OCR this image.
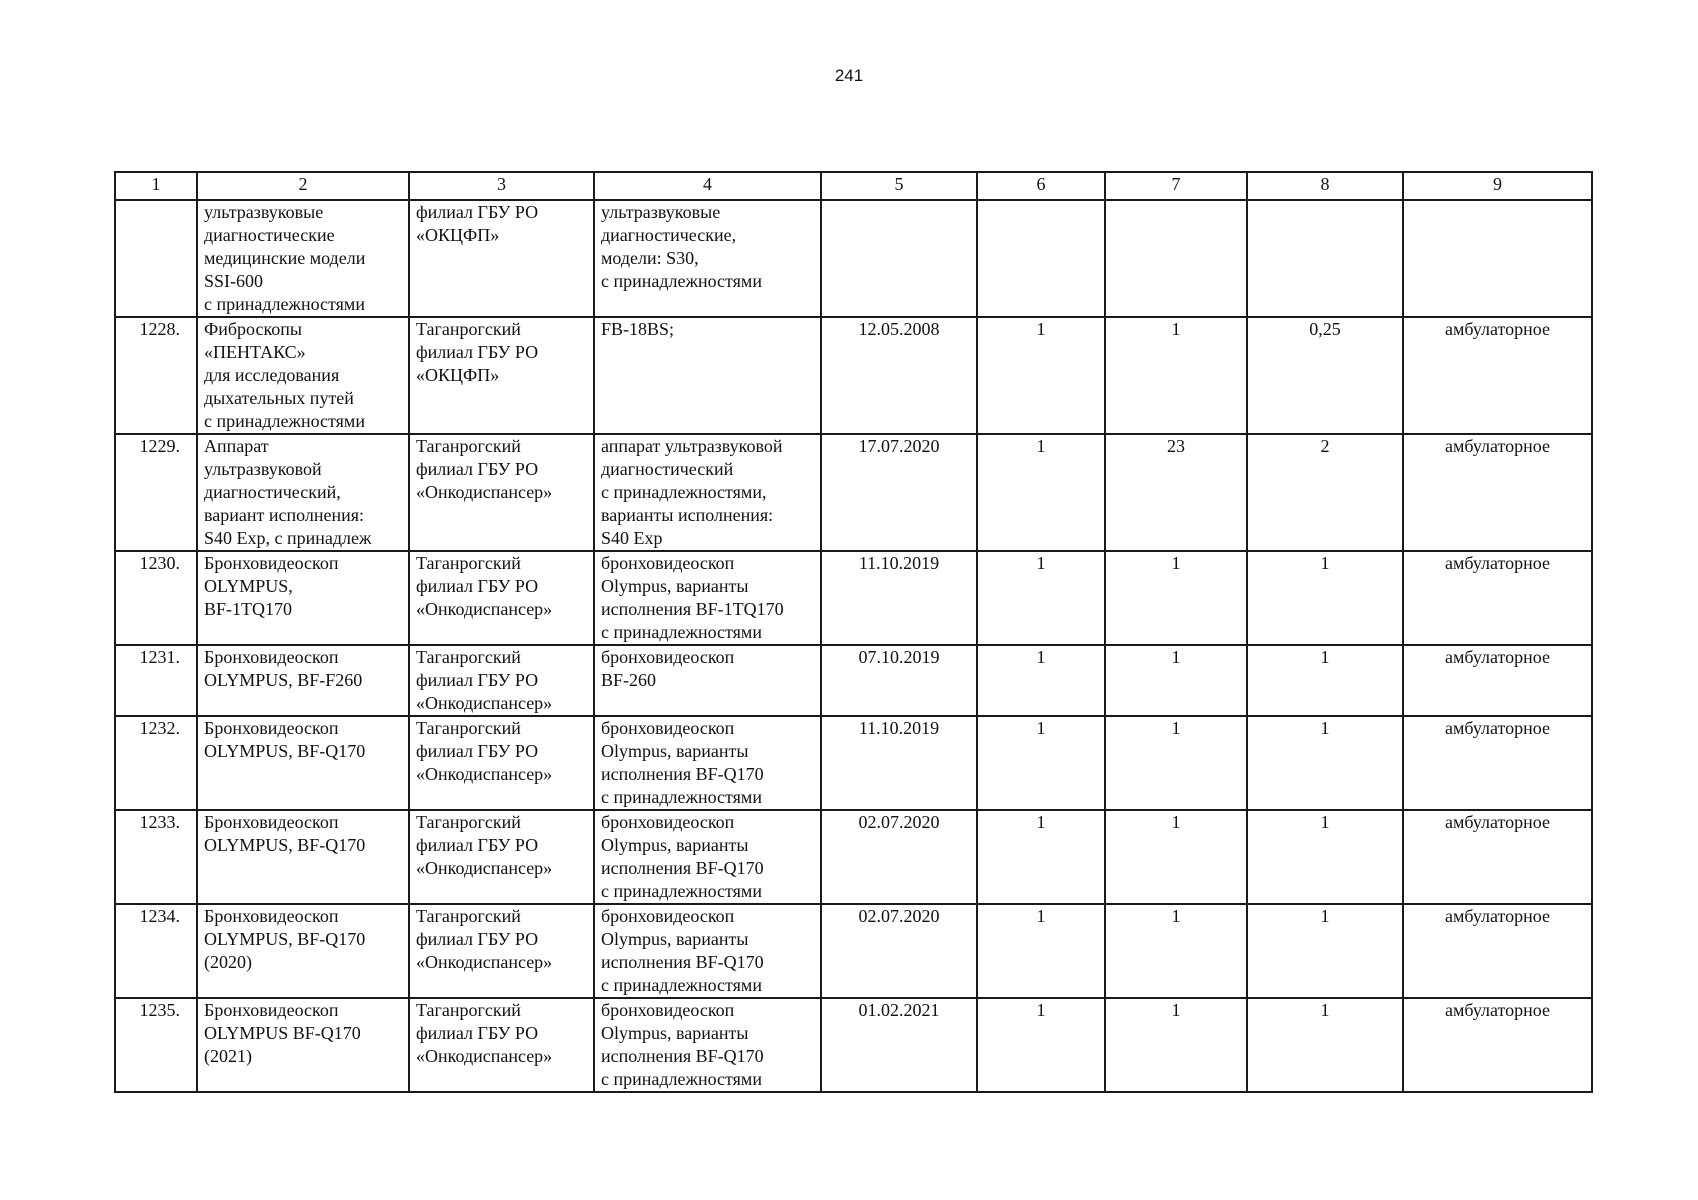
241
1	2	3	4	5	6	7	8	9

	ультразвуковые
диагностические
медицинские модели
SSI-600
с принадлежностями	филиал ГБУ РО
«ОКЦФП»	ультразвуковые
диагностические,
модели: S30,
с принадлежностями					

1228.	Фиброскопы
«ПЕНТАКС»
для исследования
дыхательных путей
с принадлежностями	Таганрогский
филиал ГБУ РО
«ОКЦФП»	FB-18BS;	12.05.2008	1	1	0,25	амбулаторное
1229.	Аппарат
ультразвуковой
диагностический,
вариант исполнения:
S40 Exp, с принадлеж	Таганрогский
филиал ГБУ РО
«Онкодиспансер»	аппарат ультразвуковой
диагностический
с принадлежностями,
варианты исполнения:
S40 Exp	17.07.2020	1	23	2	амбулаторное
1230.	Бронховидеоскоп
OLYMPUS,
BF-1TQ170	Таганрогский
филиал ГБУ РО
«Онкодиспансер»	бронховидеоскоп
Olympus, варианты
исполнения BF-1TQ170
с принадлежностями	11.10.2019	1	1	1	амбулаторное
1231.	Бронховидеоскоп
OLYMPUS, BF-F260	Таганрогский
филиал ГБУ РО
«Онкодиспансер»	бронховидеоскоп
BF-260	07.10.2019	1	1	1	амбулаторное
1232.	Бронховидеоскоп
OLYMPUS, BF-Q170	Таганрогский
филиал ГБУ РО
«Онкодиспансер»	бронховидеоскоп
Olympus, варианты
исполнения BF-Q170
с принадлежностями	11.10.2019	1	1	1	амбулаторное
1233.	Бронховидеоскоп
OLYMPUS, BF-Q170	Таганрогский
филиал ГБУ РО
«Онкодиспансер»	бронховидеоскоп
Olympus, варианты
исполнения BF-Q170
с принадлежностями	02.07.2020	1	1	1	амбулаторное
1234.	Бронховидеоскоп
OLYMPUS, BF-Q170
(2020)	Таганрогский
филиал ГБУ РО
«Онкодиспансер»	бронховидеоскоп
Olympus, варианты
исполнения BF-Q170
с принадлежностями	02.07.2020	1	1	1	амбулаторное
1235.	Бронховидеоскоп
OLYMPUS BF-Q170
(2021)	Таганрогский
филиал ГБУ РО
«Онкодиспансер»	бронховидеоскоп
Olympus, варианты
исполнения BF-Q170
с принадлежностями	01.02.2021	1	1	1	амбулаторное
